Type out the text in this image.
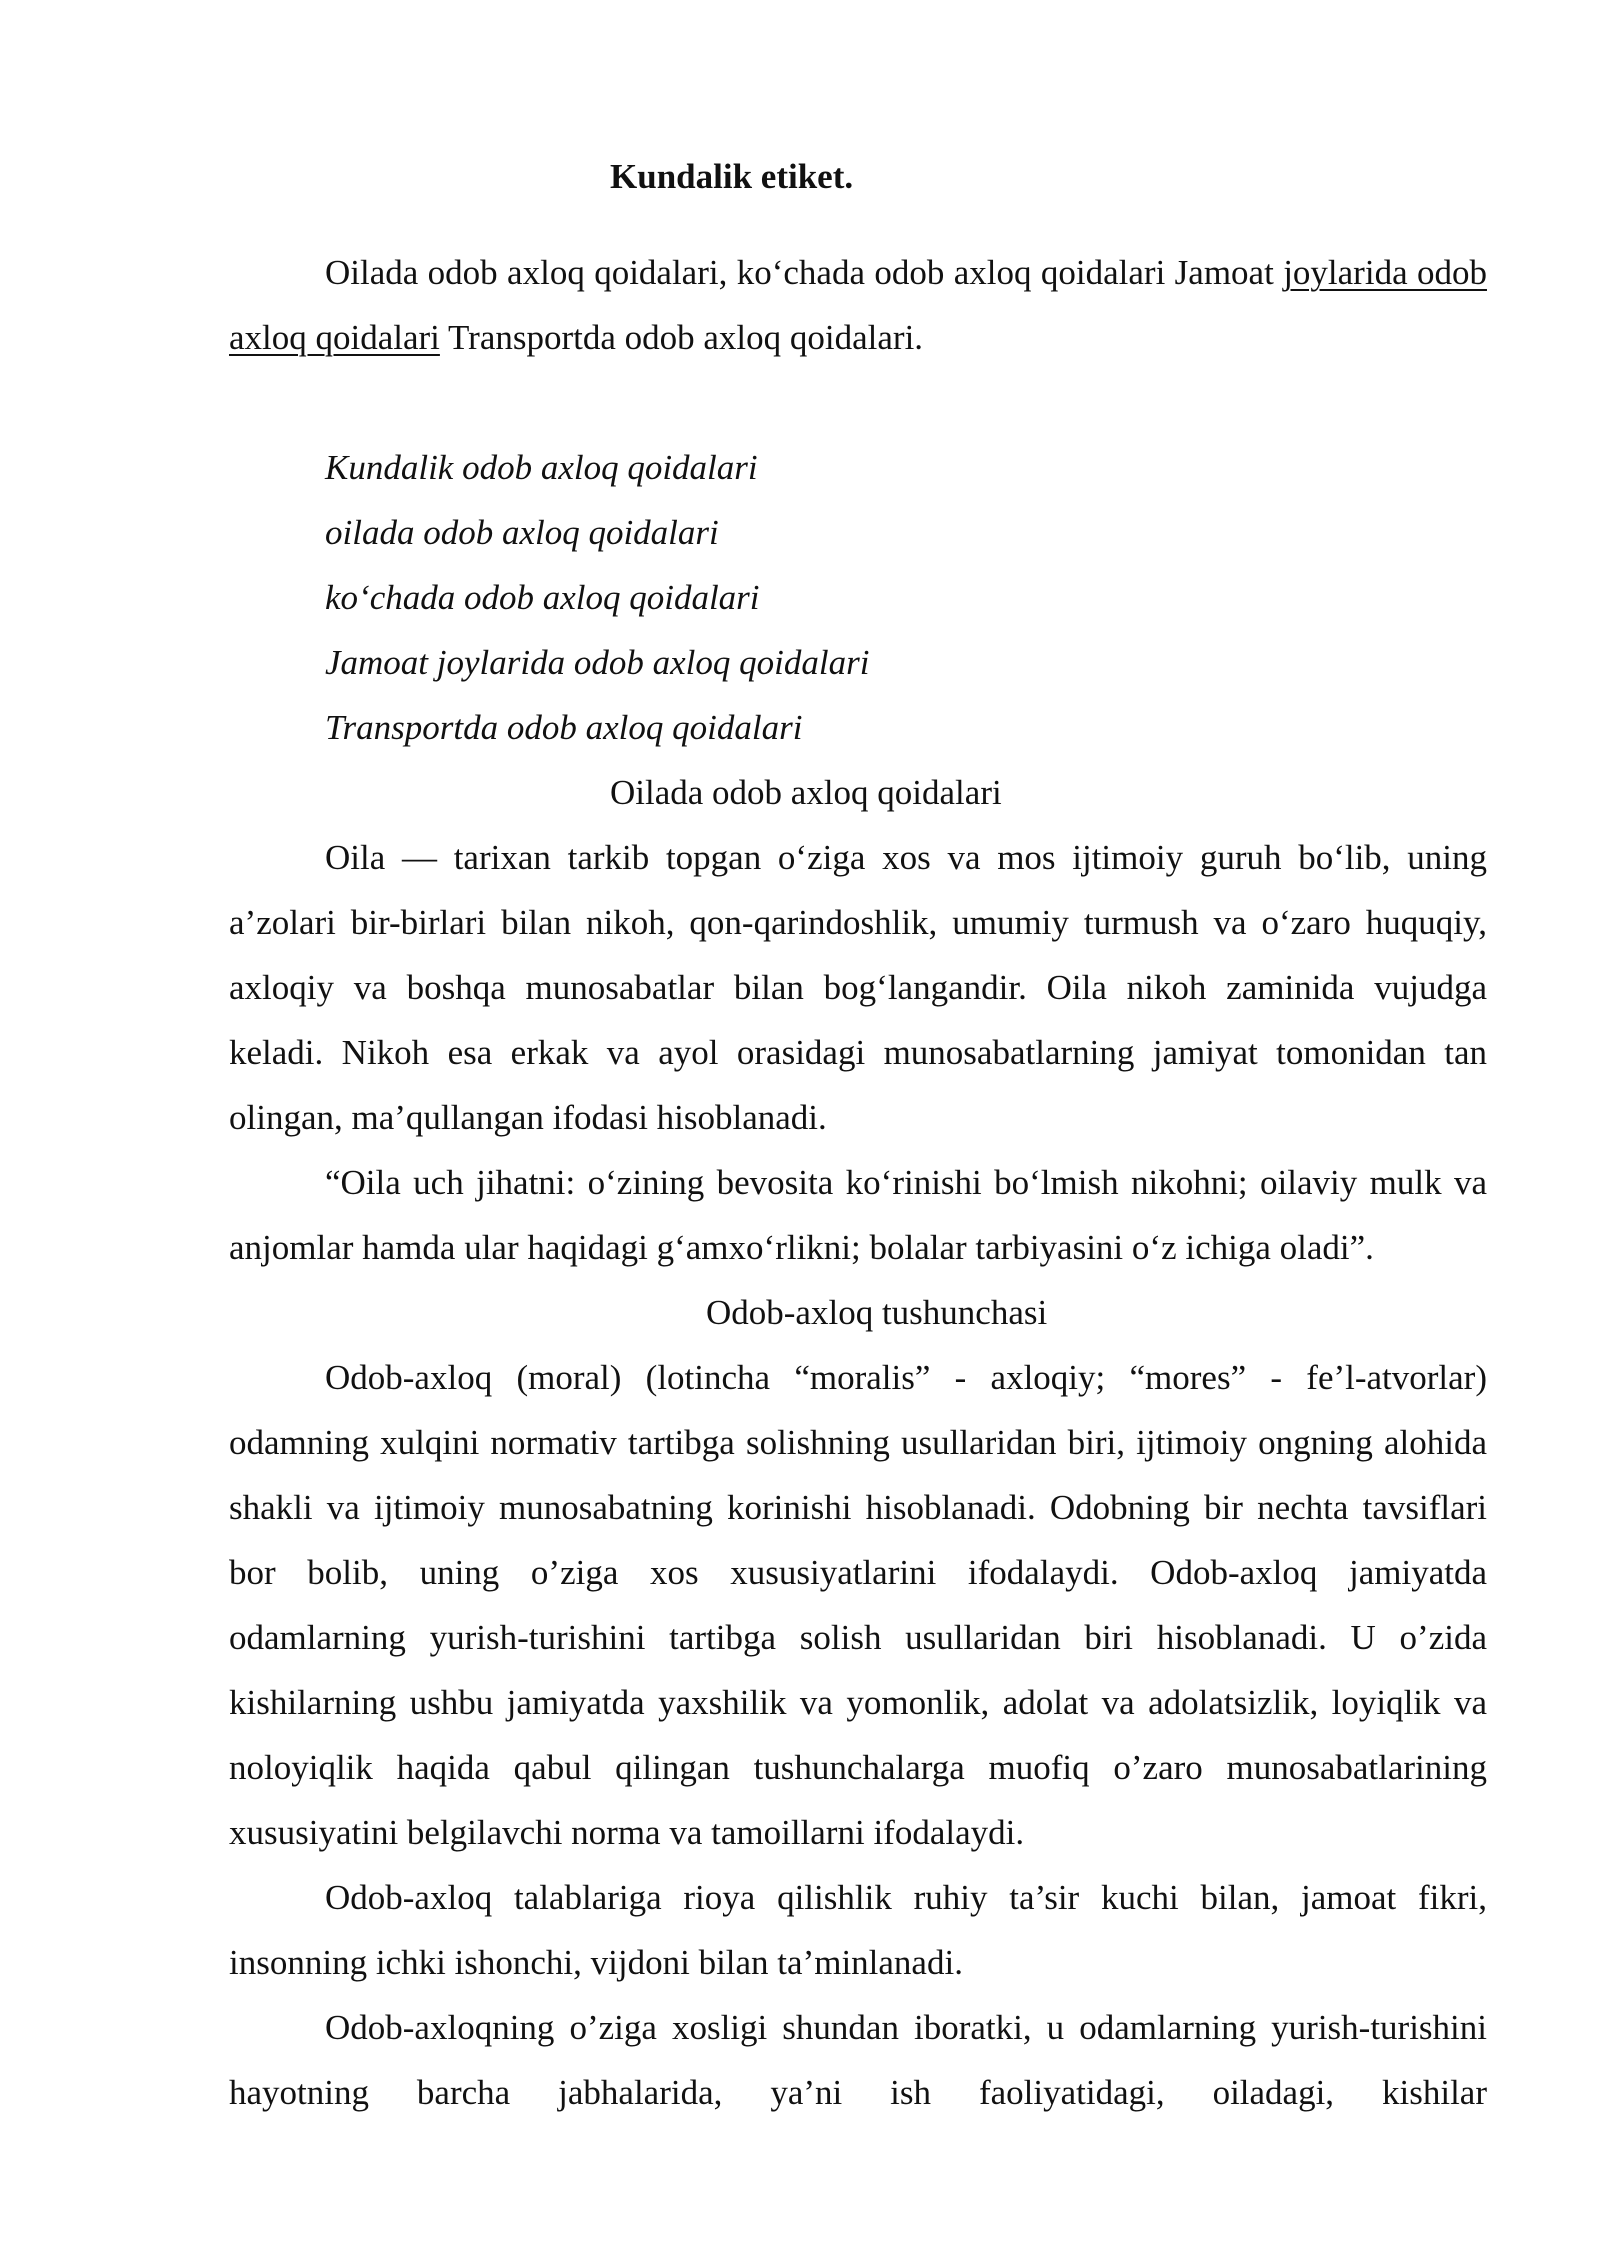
Kundalik etiket.

Oilada odob axloq qoidalari, ko‘chada odob axloq qoidalari Jamoat joylarida odob axloq qoidalari Transportda odob axloq qoidalari.

Kundalik odob axloq qoidalari
oilada odob axloq qoidalari
ko‘chada odob axloq qoidalari
Jamoat joylarida odob axloq qoidalari
Transportda odob axloq qoidalari

Oilada odob axloq qoidalari

Oila — tarixan tarkib topgan o‘ziga xos va mos ijtimoiy guruh bo‘lib, uning a’zolari bir-birlari bilan nikoh, qon-qarindoshlik, umumiy turmush va o‘zaro huquqiy, axloqiy va boshqa munosabatlar bilan bog‘langandir. Oila nikoh zaminida vujudga keladi. Nikoh esa erkak va ayol orasidagi munosabatlarning jamiyat tomonidan tan olingan, ma’qullangan ifodasi hisoblanadi.

“Oila uch jihatni: o‘zining bevosita ko‘rinishi bo‘lmish nikohni; oilaviy mulk va anjomlar hamda ular haqidagi g‘amxo‘rlikni; bolalar tarbiyasini o‘z ichiga oladi”.

Odob-axloq tushunchasi

Odob-axloq (moral) (lotincha “moralis” - axloqiy; “mores” - fe’l-atvorlar) odamning xulqini normativ tartibga solishning usullaridan biri, ijtimoiy ongning alohida shakli va ijtimoiy munosabatning korinishi hisoblanadi. Odobning bir nechta tavsiflari bor bolib, uning o’ziga xos xususiyatlarini ifodalaydi. Odob-axloq jamiyatda odamlarning yurish-turishini tartibga solish usullaridan biri hisoblanadi. U o’zida kishilarning ushbu jamiyatda yaxshilik va yomonlik, adolat va adolatsizlik, loyiqlik va noloyiqlik haqida qabul qilingan tushunchalarga muofiq o’zaro munosabatlarining xususiyatini belgilavchi norma va tamoillarni ifodalaydi.

Odob-axloq talablariga rioya qilishlik ruhiy ta’sir kuchi bilan, jamoat fikri, insonning ichki ishonchi, vijdoni bilan ta’minlanadi.

Odob-axloqning o’ziga xosligi shundan iboratki, u odamlarning yurish-turishini hayotning barcha jabhalarida, ya’ni ish faoliyatidagi, oiladagi, kishilar
